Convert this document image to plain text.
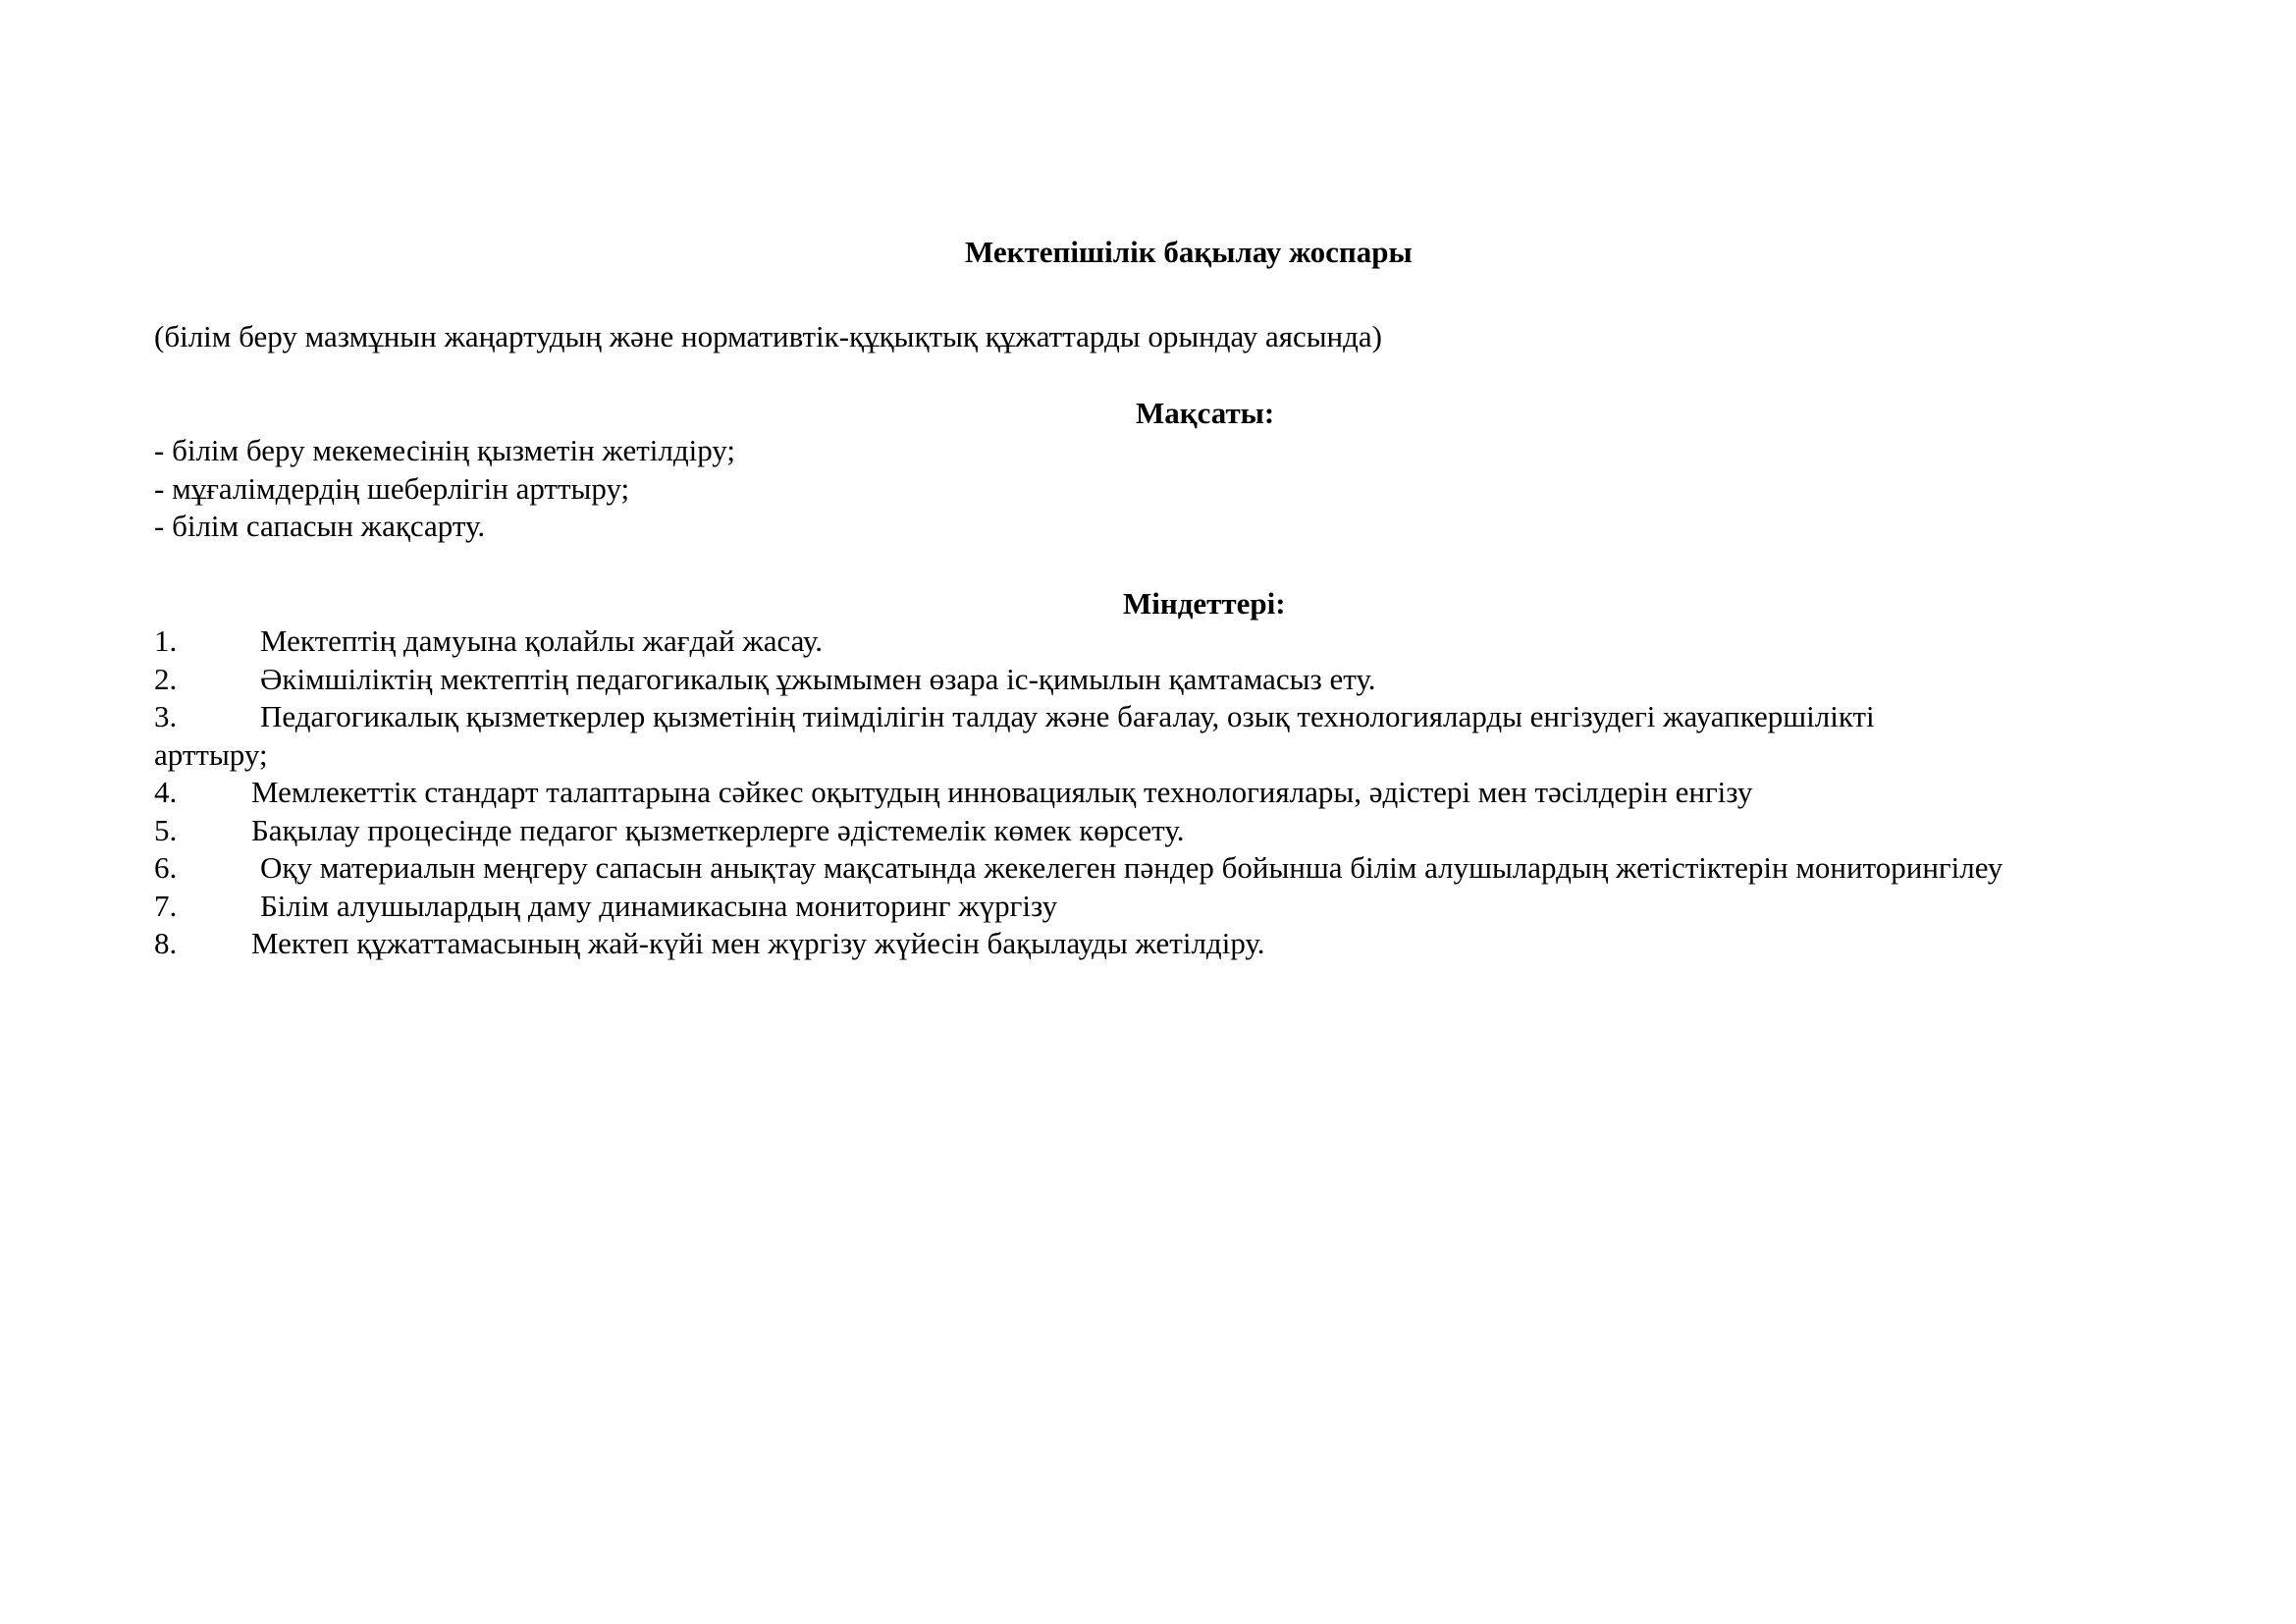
Мектепішілік бақылау жоспары
(білім беру мазмұнын жаңартудың және нормативтік-құқықтық құжаттарды орындау аясында)
Мақсаты:
- білім беру мекемесінің қызметін жетілдіру;
- мұғалімдердің шеберлігін арттыру;
- білім сапасын жақсарту.
Міндеттері:
1.	Мектептің дамуына қолайлы жағдай жасау.
2.	Әкімшіліктің мектептің педагогикалық ұжымымен өзара іс-қимылын қамтамасыз ету.
3.	Педагогикалық қызметкерлер қызметінің тиімділігін талдау және бағалау, озық технологияларды енгізудегі жауапкершілікті
арттыру;
4. Мемлекеттік стандарт талаптарына сәйкес оқытудың инновациялық технологиялары, әдістері мен тәсілдерін енгізу
5. Бақылау процесінде педагог қызметкерлерге әдістемелік көмек көрсету.
6.	Оқу материалын меңгеру сапасын анықтау мақсатында жекелеген пәндер бойынша білім алушылардың жетістіктерін мониторингілеу
7.	Білім алушылардың даму динамикасына мониторинг жүргізу
8. Мектеп құжаттамасының жай-күйі мен жүргізу жүйесін бақылауды жетілдіру.
